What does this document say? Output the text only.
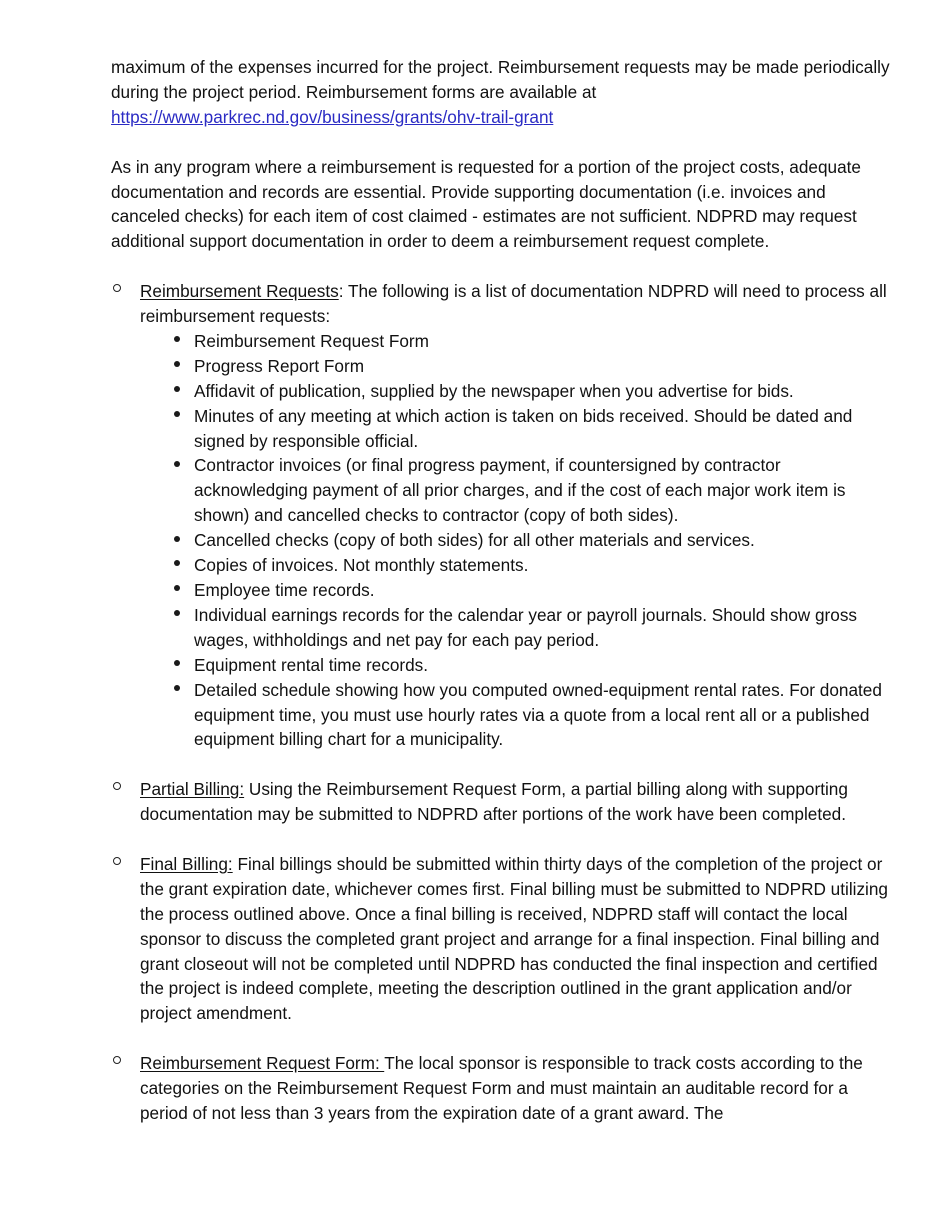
maximum of the expenses incurred for the project. Reimbursement requests may be made periodically during the project period. Reimbursement forms are available at https://www.parkrec.nd.gov/business/grants/ohv-trail-grant

As in any program where a reimbursement is requested for a portion of the project costs, adequate documentation and records are essential. Provide supporting documentation (i.e. invoices and canceled checks) for each item of cost claimed - estimates are not sufficient. NDPRD may request additional support documentation in order to deem a reimbursement request complete.

Reimbursement Requests: The following is a list of documentation NDPRD will need to process all reimbursement requests:
Reimbursement Request Form
Progress Report Form
Affidavit of publication, supplied by the newspaper when you advertise for bids.
Minutes of any meeting at which action is taken on bids received. Should be dated and signed by responsible official.
Contractor invoices (or final progress payment, if countersigned by contractor acknowledging payment of all prior charges, and if the cost of each major work item is shown) and cancelled checks to contractor (copy of both sides).
Cancelled checks (copy of both sides) for all other materials and services.
Copies of invoices. Not monthly statements.
Employee time records.
Individual earnings records for the calendar year or payroll journals. Should show gross wages, withholdings and net pay for each pay period.
Equipment rental time records.
Detailed schedule showing how you computed owned-equipment rental rates. For donated equipment time, you must use hourly rates via a quote from a local rent all or a published equipment billing chart for a municipality.
Partial Billing: Using the Reimbursement Request Form, a partial billing along with supporting documentation may be submitted to NDPRD after portions of the work have been completed.
Final Billing: Final billings should be submitted within thirty days of the completion of the project or the grant expiration date, whichever comes first. Final billing must be submitted to NDPRD utilizing the process outlined above. Once a final billing is received, NDPRD staff will contact the local sponsor to discuss the completed grant project and arrange for a final inspection. Final billing and grant closeout will not be completed until NDPRD has conducted the final inspection and certified the project is indeed complete, meeting the description outlined in the grant application and/or project amendment.
Reimbursement Request Form: The local sponsor is responsible to track costs according to the categories on the Reimbursement Request Form and must maintain an auditable record for a period of not less than 3 years from the expiration date of a grant award. The
